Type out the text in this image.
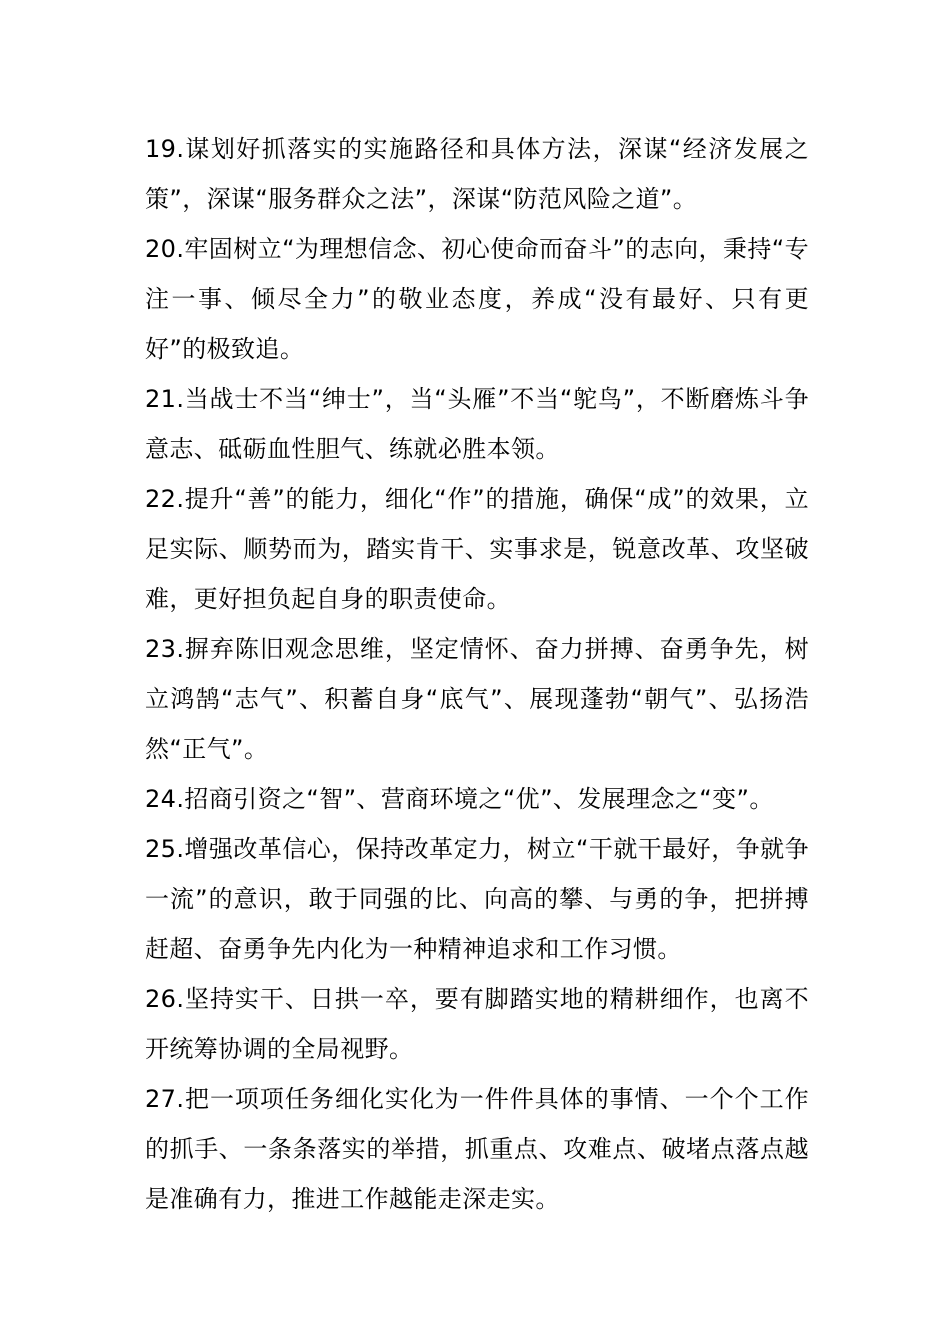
19.谋划好抓落实的实施路径和具体方法，深谋“经济发展之策”，深谋“服务群众之法”，深谋“防范风险之道”。

20.牢固树立“为理想信念、初心使命而奋斗”的志向，秉持“专注一事、倾尽全力”的敬业态度，养成“没有最好、只有更好”的极致追。

21.当战士不当“绅士”，当“头雁”不当“鸵鸟”，不断磨炼斗争意志、砥砺血性胆气、练就必胜本领。

22.提升“善”的能力，细化“作”的措施，确保“成”的效果，立足实际、顺势而为，踏实肯干、实事求是，锐意改革、攻坚破难，更好担负起自身的职责使命。

23.摒弃陈旧观念思维，坚定情怀、奋力拼搏、奋勇争先，树立鸿鹄“志气”、积蓄自身“底气”、展现蓬勃“朝气”、弘扬浩然“正气”。

24.招商引资之“智”、营商环境之“优”、发展理念之“变”。

25.增强改革信心，保持改革定力，树立“干就干最好，争就争一流”的意识，敢于同强的比、向高的攀、与勇的争，把拼搏赶超、奋勇争先内化为一种精神追求和工作习惯。

26.坚持实干、日拱一卒，要有脚踏实地的精耕细作，也离不开统筹协调的全局视野。

27.把一项项任务细化实化为一件件具体的事情、一个个工作的抓手、一条条落实的举措，抓重点、攻难点、破堵点落点越是准确有力，推进工作越能走深走实。
